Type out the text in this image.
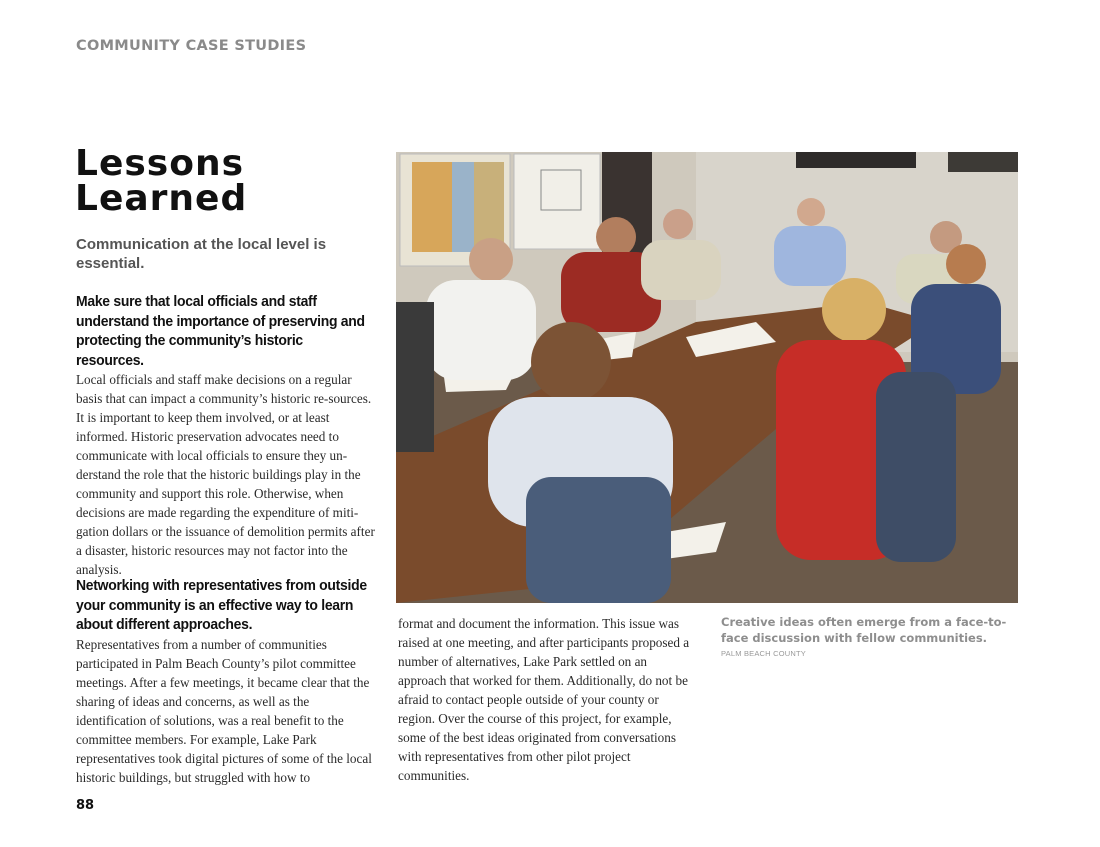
COMMUNITY CASE STUDIES
Lessons
Learned

Communication at the local level is essential.

Make sure that local officials and staff understand the importance of preserving and protecting the community’s historic resources.

Local officials and staff make decisions on a regular basis that can impact a community’s historic re-sources. It is important to keep them involved, or at least informed. Historic preservation advocates need to communicate with local officials to ensure they un-derstand the role that the historic buildings play in the community and support this role. Otherwise, when decisions are made regarding the expenditure of miti-gation dollars or the issuance of demolition permits after a disaster, historic resources may not factor into the analysis.

Networking with representatives from outside your community is an effective way to learn about different approaches.

Representatives from a number of communities participated in Palm Beach County’s pilot committee meetings. After a few meetings, it became clear that the sharing of ideas and concerns, as well as the identification of solutions, was a real benefit to the committee members. For example, Lake Park representatives took digital pictures of some of the local historic buildings, but struggled with how to

format and document the information. This issue was raised at one meeting, and after participants proposed a number of alternatives, Lake Park settled on an approach that worked for them. Additionally, do not be afraid to contact people outside of your county or region. Over the course of this project, for example, some of the best ideas originated from conversations with representatives from other pilot project communities.

Creative ideas often emerge from a face-to-face discussion with fellow communities.

PALM BEACH COUNTY
88
